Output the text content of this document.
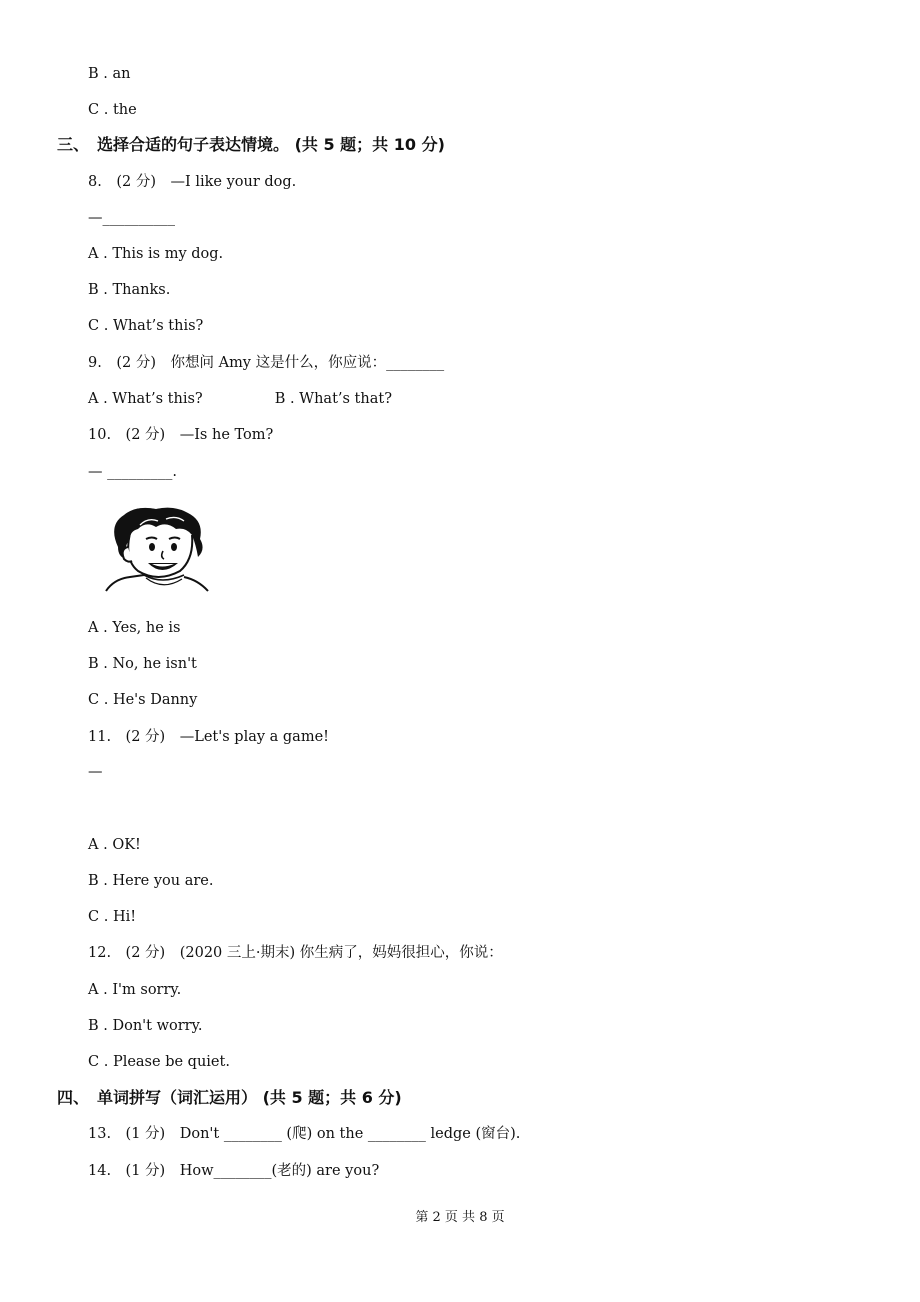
B . an
C . the
三、　选择合适的句子表达情境。 (共 5 题；共 10 分)
8.　(2 分)　—I like your dog.
—__________
A . This is my dog.
B . Thanks.
C . What’s this?
9.　(2 分)　你想问 Amy 这是什么，你应说：________
A . What’s this?	B . What’s that?
10.　(2 分)　—Is he Tom?
— _________.
A . Yes, he is
B . No, he isn't
C . He's Danny
11.　(2 分)　—Let's play a game!
—
A . OK!
B . Here you are.
C . Hi!
12.　(2 分)　(2020 三上·期末) 你生病了，妈妈很担心，你说：
A . I'm sorry.
B . Don't worry.
C . Please be quiet.
四、　单词拼写（词汇运用） (共 5 题；共 6 分)
13.　(1 分)　Don't ________ (爬) on the ________ ledge (窗台).
14.　(1 分)　How________(老的) are you?
第 2 页 共 8 页
